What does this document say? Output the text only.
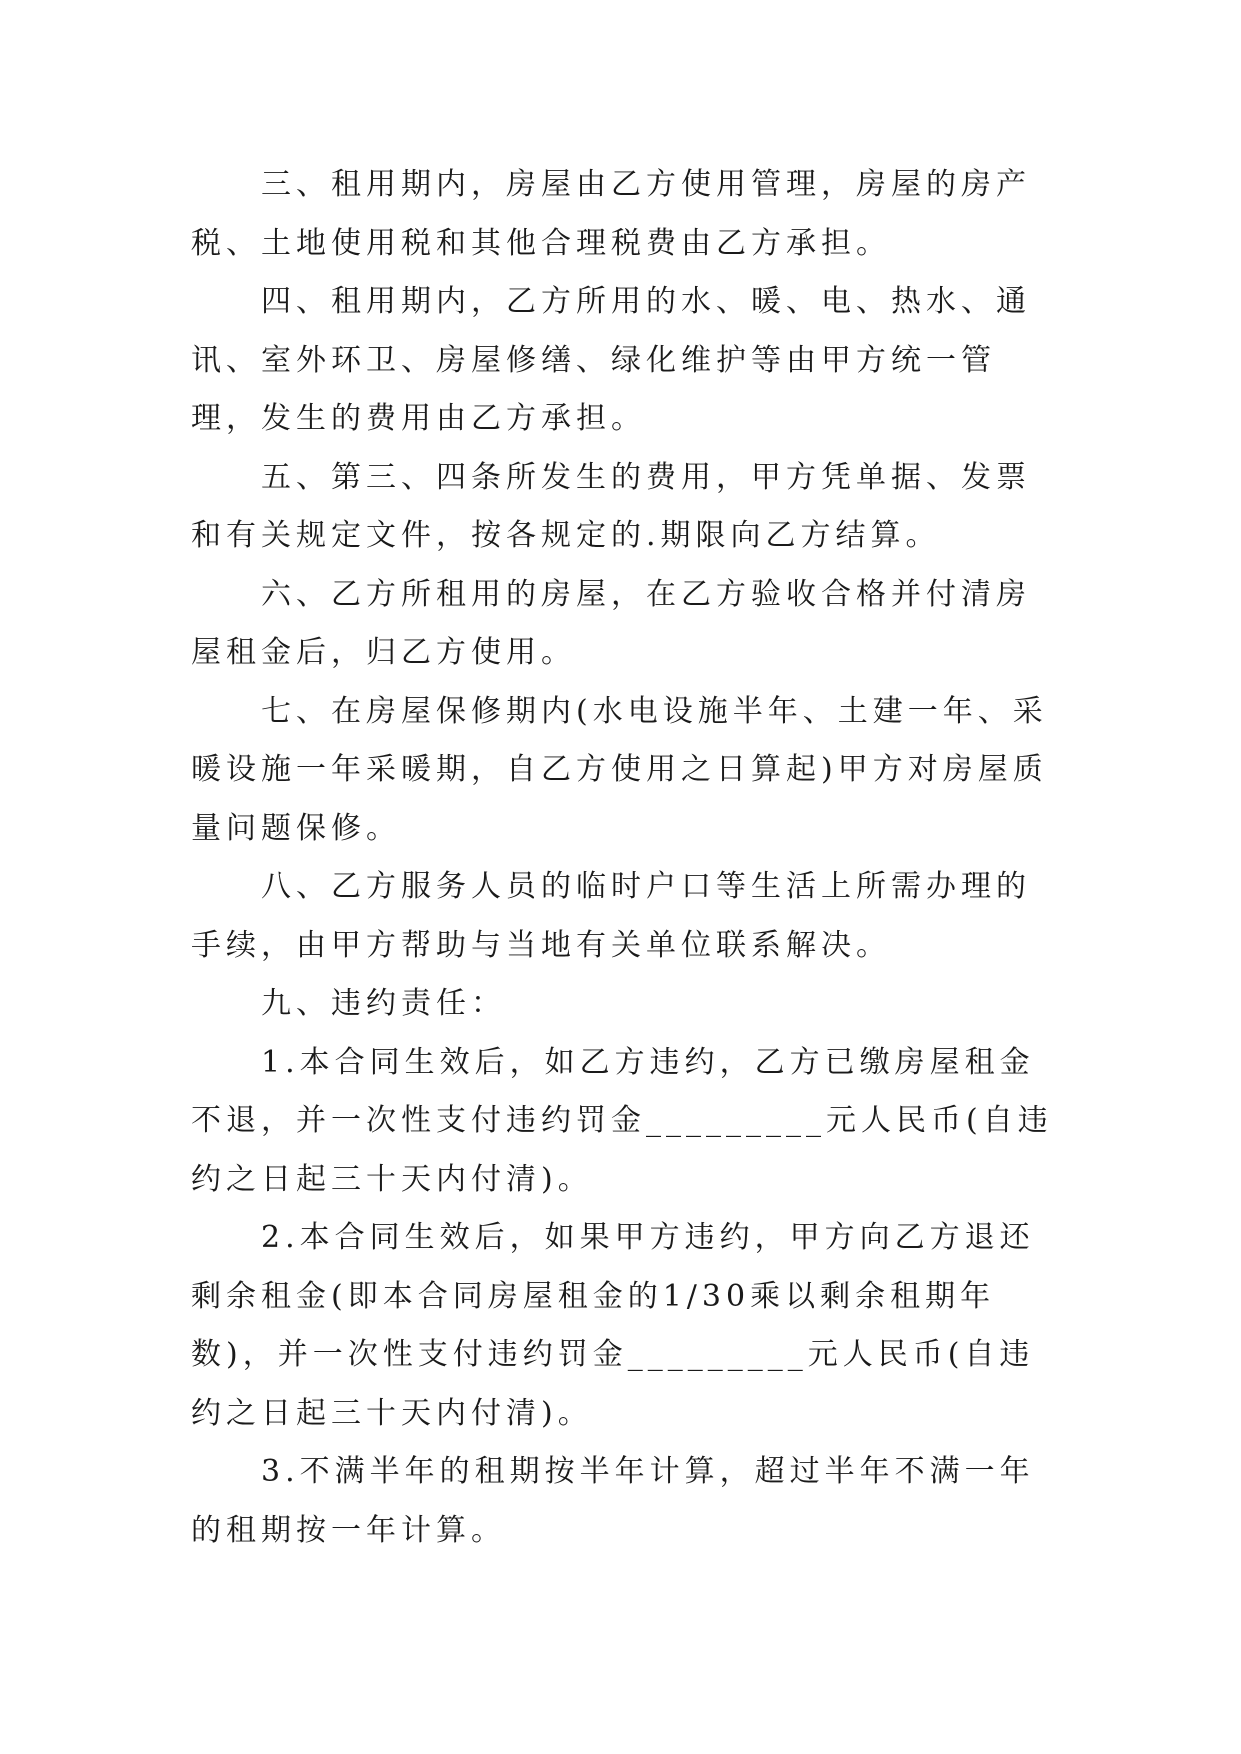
三、租用期内，房屋由乙方使用管理，房屋的房产税、土地使用税和其他合理税费由乙方承担。

四、租用期内，乙方所用的水、暖、电、热水、通讯、室外环卫、房屋修缮、绿化维护等由甲方统一管理，发生的费用由乙方承担。

五、第三、四条所发生的费用，甲方凭单据、发票和有关规定文件，按各规定的.期限向乙方结算。

六、乙方所租用的房屋，在乙方验收合格并付清房屋租金后，归乙方使用。

七、在房屋保修期内(水电设施半年、土建一年、采暖设施一年采暖期，自乙方使用之日算起)甲方对房屋质量问题保修。

八、乙方服务人员的临时户口等生活上所需办理的手续，由甲方帮助与当地有关单位联系解决。

九、违约责任：

1.本合同生效后，如乙方违约，乙方已缴房屋租金不退，并一次性支付违约罚金_________元人民币(自违约之日起三十天内付清)。

2.本合同生效后，如果甲方违约，甲方向乙方退还剩余租金(即本合同房屋租金的1/30乘以剩余租期年数)，并一次性支付违约罚金_________元人民币(自违约之日起三十天内付清)。

3.不满半年的租期按半年计算，超过半年不满一年的租期按一年计算。
